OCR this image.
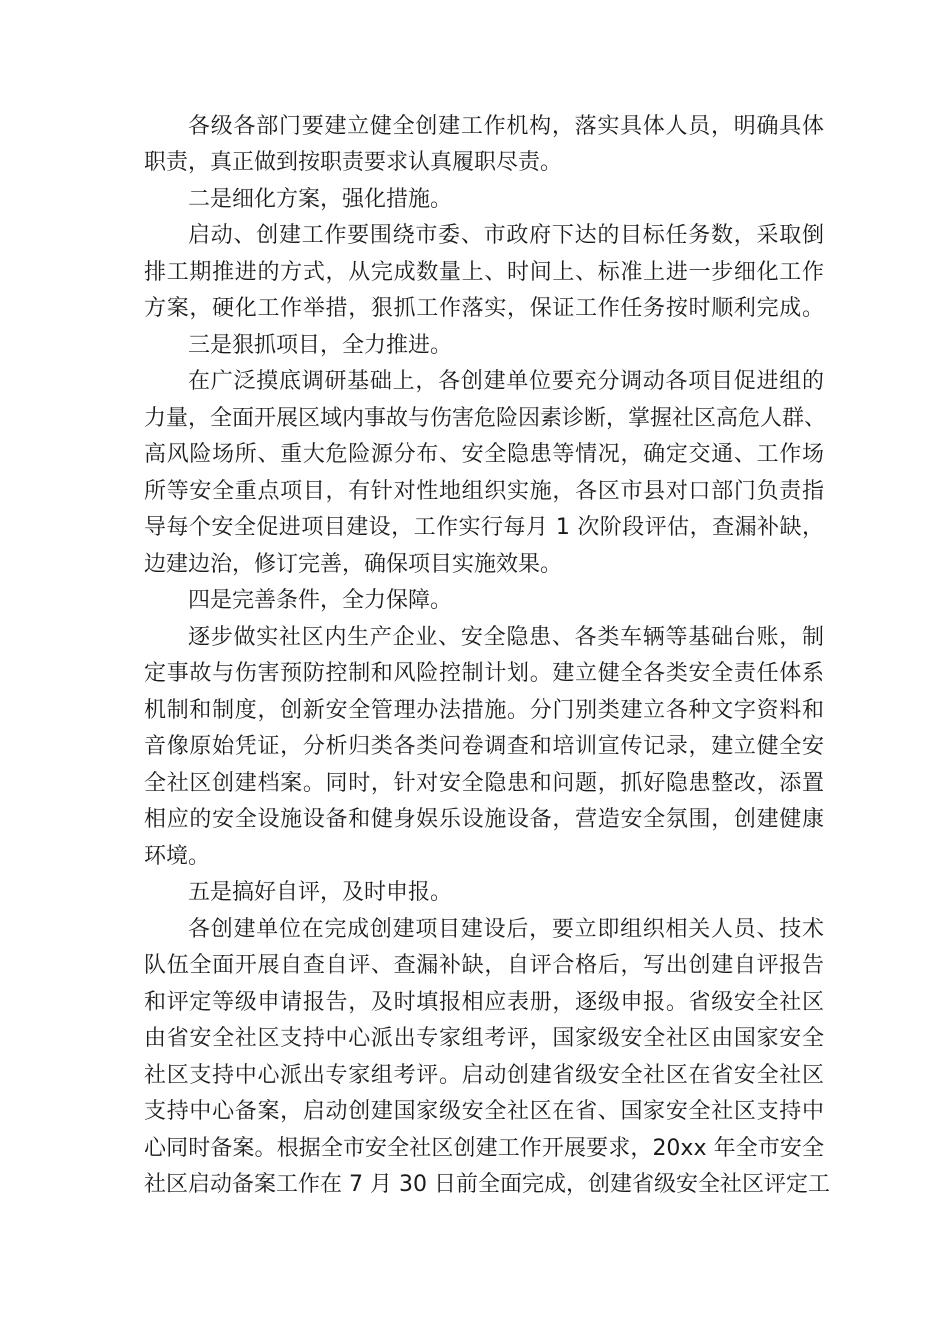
各级各部门要建立健全创建工作机构，落实具体人员，明确具体
职责，真正做到按职责要求认真履职尽责。
二是细化方案，强化措施。
启动、创建工作要围绕市委、市政府下达的目标任务数，采取倒
排工期推进的方式，从完成数量上、时间上、标准上进一步细化工作
方案，硬化工作举措，狠抓工作落实，保证工作任务按时顺利完成。
三是狠抓项目，全力推进。
在广泛摸底调研基础上，各创建单位要充分调动各项目促进组的
力量，全面开展区域内事故与伤害危险因素诊断，掌握社区高危人群、
高风险场所、重大危险源分布、安全隐患等情况，确定交通、工作场
所等安全重点项目，有针对性地组织实施，各区市县对口部门负责指
导每个安全促进项目建设，工作实行每月 1 次阶段评估，查漏补缺，
边建边治，修订完善，确保项目实施效果。
四是完善条件，全力保障。
逐步做实社区内生产企业、安全隐患、各类车辆等基础台账，制
定事故与伤害预防控制和风险控制计划。建立健全各类安全责任体系
机制和制度，创新安全管理办法措施。分门别类建立各种文字资料和
音像原始凭证，分析归类各类问卷调查和培训宣传记录，建立健全安
全社区创建档案。同时，针对安全隐患和问题，抓好隐患整改，添置
相应的安全设施设备和健身娱乐设施设备，营造安全氛围，创建健康
环境。
五是搞好自评，及时申报。
各创建单位在完成创建项目建设后，要立即组织相关人员、技术
队伍全面开展自查自评、查漏补缺，自评合格后，写出创建自评报告
和评定等级申请报告，及时填报相应表册，逐级申报。省级安全社区
由省安全社区支持中心派出专家组考评，国家级安全社区由国家安全
社区支持中心派出专家组考评。启动创建省级安全社区在省安全社区
支持中心备案，启动创建国家级安全社区在省、国家安全社区支持中
心同时备案。根据全市安全社区创建工作开展要求，20xx 年全市安全
社区启动备案工作在 7 月 30 日前全面完成，创建省级安全社区评定工
